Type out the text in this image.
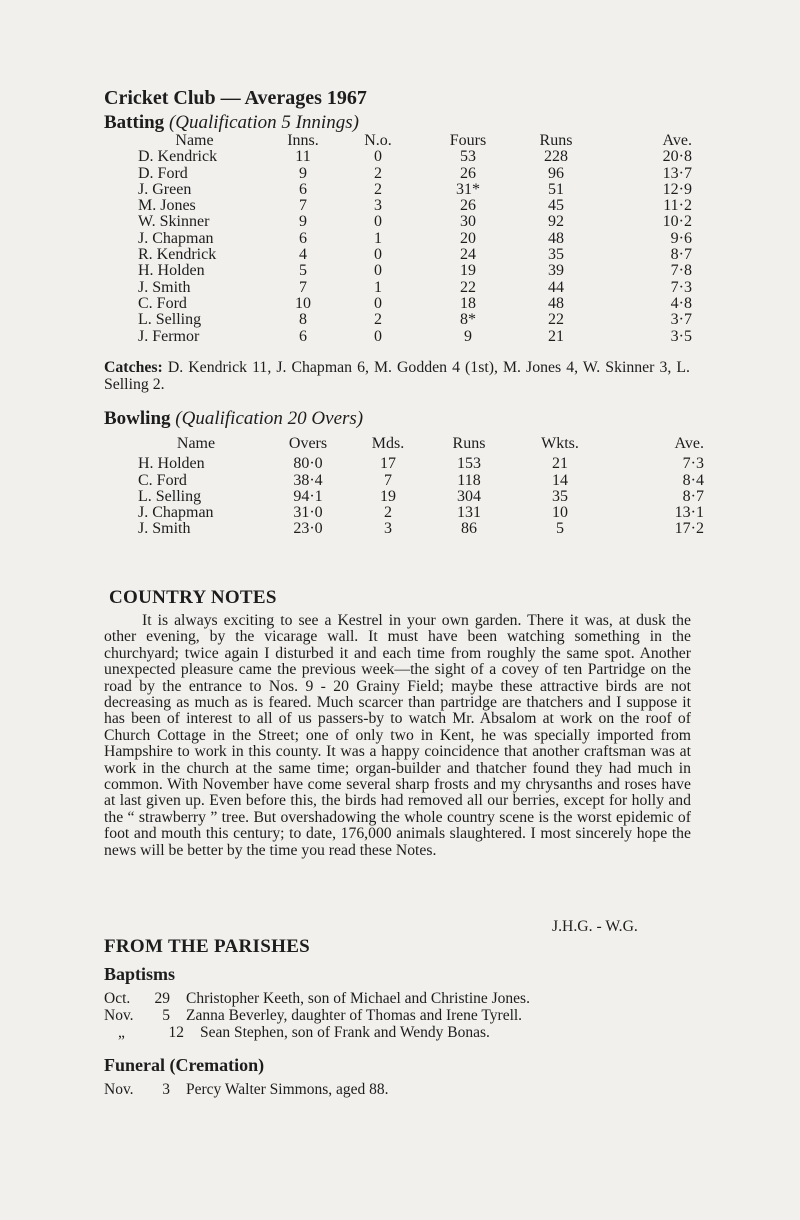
Cricket Club — Averages 1967
Batting (Qualification 5 Innings)
Name	Inns.	N.o.	Fours	Runs	Ave.
D. Kendrick	11	0	53	228	20·8
D. Ford	9	2	26	96	13·7
J. Green	6	2	31*	51	12·9
M. Jones	7	3	26	45	11·2
W. Skinner	9	0	30	92	10·2
J. Chapman	6	1	20	48	9·6
R. Kendrick	4	0	24	35	8·7
H. Holden	5	0	19	39	7·8
J. Smith	7	1	22	44	7·3
C. Ford	10	0	18	48	4·8
L. Selling	8	2	8*	22	3·7
J. Fermor	6	0	9	21	3·5
Catches: D. Kendrick 11, J. Chapman 6, M. Godden 4 (1st), M. Jones 4, W. Skinner 3, L. Selling 2.
Bowling (Qualification 20 Overs)
Name	Overs	Mds.	Runs	Wkts.	Ave.

H. Holden	80·0	17	153	21	7·3
C. Ford	38·4	7	118	14	8·4
L. Selling	94·1	19	304	35	8·7
J. Chapman	31·0	2	131	10	13·1
J. Smith	23·0	3	86	5	17·2
COUNTRY NOTES

It is always exciting to see a Kestrel in your own garden. There it was, at dusk the other evening, by the vicarage wall. It must have been watching something in the churchyard; twice again I disturbed it and each time from roughly the same spot. Another unexpected pleasure came the previous week—the sight of a covey of ten Partridge on the road by the entrance to Nos. 9 - 20 Grainy Field; maybe these attractive birds are not decreasing as much as is feared. Much scarcer than partridge are thatchers and I suppose it has been of interest to all of us passers-by to watch Mr. Absalom at work on the roof of Church Cottage in the Street; one of only two in Kent, he was specially imported from Hampshire to work in this county. It was a happy coincidence that another craftsman was at work in the church at the same time; organ-builder and thatcher found they had much in common. With November have come several sharp frosts and my chrysanths and roses have at last given up. Even before this, the birds had removed all our berries, except for holly and the “ strawberry ” tree. But overshadowing the whole country scene is the worst epidemic of foot and mouth this century; to date, 176,000 animals slaughtered. I most sincerely hope the news will be better by the time you read these Notes.

J.H.G. - W.G.
FROM THE PARISHES
Baptisms
Oct. 29 Christopher Keeth, son of Michael and Christine Jones.
Nov. 5 Zanna Beverley, daughter of Thomas and Irene Tyrell.
„	12 Sean Stephen, son of Frank and Wendy Bonas.
Funeral (Cremation)
Nov. 3 Percy Walter Simmons, aged 88.
